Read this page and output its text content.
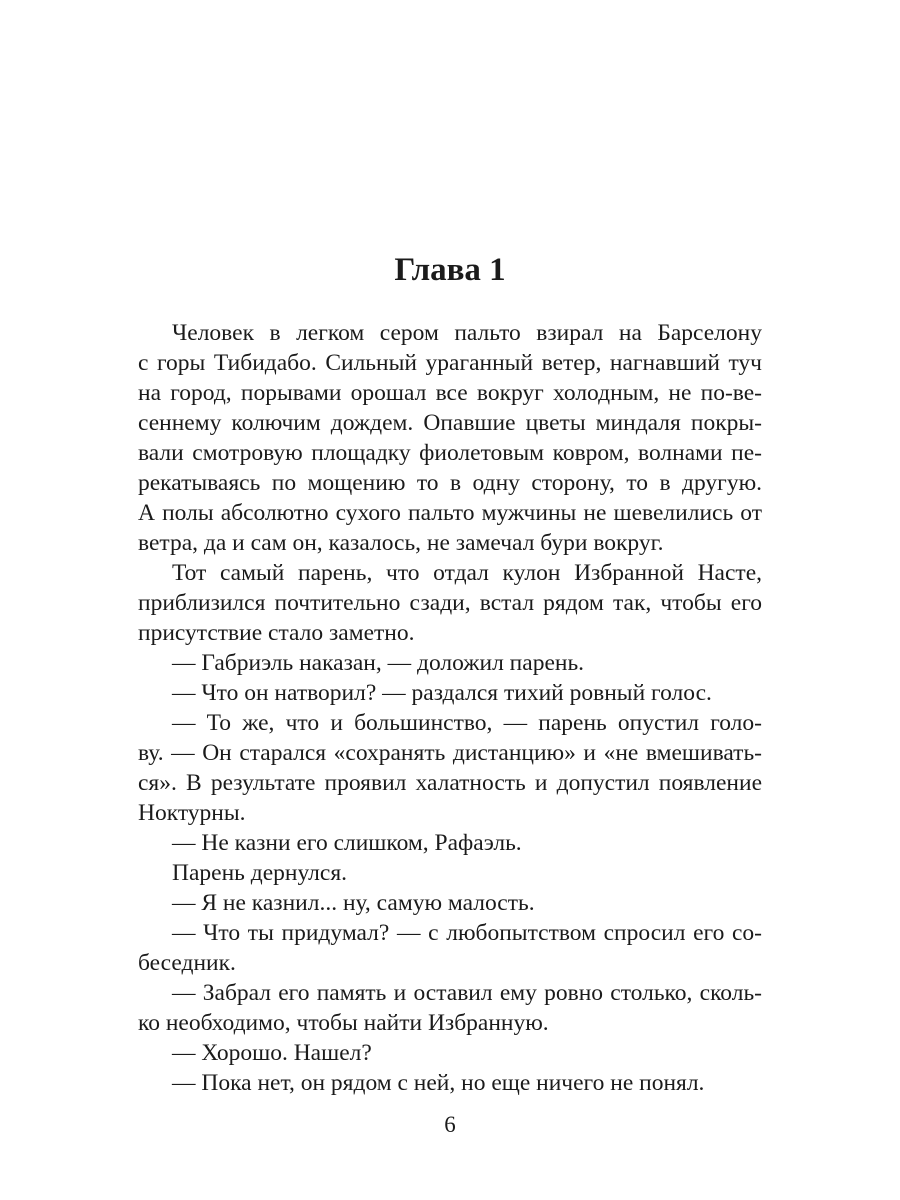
Глава 1
Человек в легком сером пальто взирал на Барселону
с горы Тибидабо. Сильный ураганный ветер, нагнавший туч
на город, порывами орошал все вокруг холодным, не по-ве-
сеннему колючим дождем. Опавшие цветы миндаля покры-
вали смотровую площадку фиолетовым ковром, волнами пе-
рекатываясь по мощению то в одну сторону, то в другую.
А полы абсолютно сухого пальто мужчины не шевелились от
ветра, да и сам он, казалось, не замечал бури вокруг.
Тот самый парень, что отдал кулон Избранной Насте,
приблизился почтительно сзади, встал рядом так, чтобы его
присутствие стало заметно.
— Габриэль наказан, — доложил парень.
— Что он натворил? — раздался тихий ровный голос.
— То же, что и большинство, — парень опустил голо-
ву. — Он старался «сохранять дистанцию» и «не вмешивать-
ся». В результате проявил халатность и допустил появление
Ноктурны.
— Не казни его слишком, Рафаэль.
Парень дернулся.
— Я не казнил... ну, самую малость.
— Что ты придумал? — с любопытством спросил его со-
беседник.
— Забрал его память и оставил ему ровно столько, сколь-
ко необходимо, чтобы найти Избранную.
— Хорошо. Нашел?
— Пока нет, он рядом с ней, но еще ничего не понял.
6
